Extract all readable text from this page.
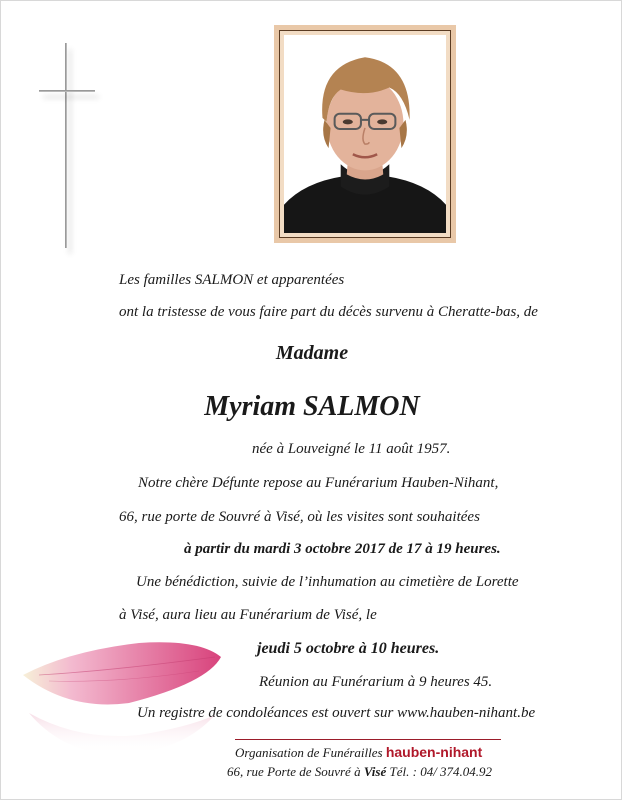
Les familles SALMON et apparentées
ont la tristesse de vous faire part du décès survenu à Cheratte-bas, de
Madame
Myriam SALMON
née à Louveigné le 11 août 1957.
Notre chère Défunte repose au Funérarium Hauben-Nihant,
66, rue porte de Souvré à Visé, où les visites sont souhaitées
à partir du mardi 3 octobre 2017 de 17 à 19 heures.
Une bénédiction, suivie de l’inhumation au cimetière de Lorette
à Visé, aura lieu au Funérarium de Visé, le
jeudi 5 octobre à 10 heures.
Réunion au Funérarium à 9 heures 45.
Un registre de condoléances est ouvert sur www.hauben-nihant.be
Organisation de Funérailles hauben-nihant
66, rue Porte de Souvré à Visé Tél. : 04/ 374.04.92
